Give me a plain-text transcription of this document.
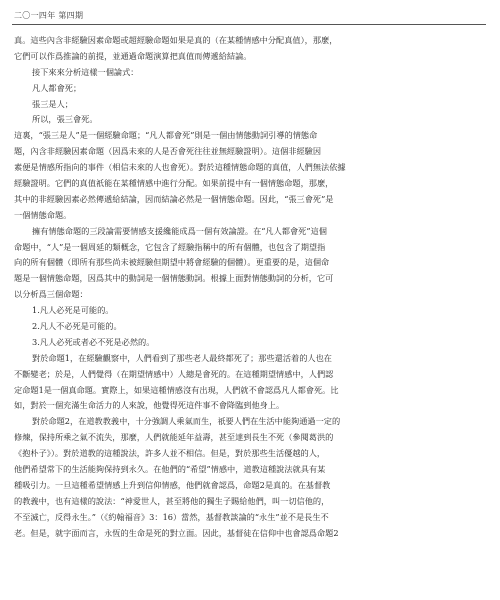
二〇一四年 第四期
真。這些內含非經驗因素命題或超經驗命題如果是真的（在某種情感中分配真值），那麼，
它們可以作爲推論的前提，並通過命題演算把真值而傳遞給結論。
接下來來分析這樣一個論式：
凡人都會死；
張三是人；
所以，張三會死。
這裏，“張三是人”是一個經驗命題；“凡人都會死”則是一個由情態動詞引導的情態命
題，內含非經驗因素命題（因爲未來的人是否會死往往並無經驗證明）。這個非經驗因
素便是情感所指向的事件（相信未來的人也會死）。對於這種情態命題的真值，人們無法依據
經驗證明。它們的真值祇能在某種情感中進行分配。如果前提中有一個情態命題，那麼，
其中的非經驗因素必然傳遞給結論，因而結論必然是一個情態命題。因此，“張三會死”是
一個情態命題。
擁有情態命題的三段論需要情感支援纔能成爲一個有效論證。在“凡人都會死”這個
命題中，“人”是一個周延的類概念，它包含了經驗指稱中的所有個體，也包含了期望指
向的所有個體（即所有那些尚未被經驗但期望中將會經驗的個體）。更重要的是，這個命
題是一個情態命題，因爲其中的動詞是一個情態動詞。根據上面對情態動詞的分析，它可
以分析爲三個命題：
1.凡人必死是可能的。
2.凡人不必死是可能的。
3.凡人必死或者必不死是必然的。
對於命題1，在經驗觀察中，人們看到了那些老人最終都死了；那些還活着的人也在
不斷變老；於是，人們覺得（在期望情感中）人總是會死的。在這種期望情感中，人們認
定命題1是一個真命題。實際上，如果這種情感沒有出現，人們就不會認爲凡人都會死。比
如，對於一個充滿生命活力的人來說，他覺得死這件事不會降臨到他身上。
對於命題2，在道教教義中，十分強調人乘氣而生，祇要人們在生活中能夠通過一定的
修煉，保持所乘之氣不流失，那麼，人們就能延年益壽，甚至達到長生不死（參閱葛洪的
《抱朴子》）。對於道教的這種說法，許多人並不相信。但是，對於那些生活優越的人，
他們希望常下的生活能夠保持到永久。在他們的“希望”情感中，道教這種說法就具有某
種吸引力。一旦這種希望情感上升到信仰情感，他們就會認爲，命題2是真的。在基督教
的教義中，也有這樣的說法：“神愛世人，甚至將他的獨生子賜給他們，叫一切信他的，
不至滅亡，反得永生。”（《約翰福音》3：16）當然，基督教談論的“永生”並不是長生不
老。但是，就字面而言，永恆的生命是死的對立面。因此，基督徒在信仰中也會認爲命題2
